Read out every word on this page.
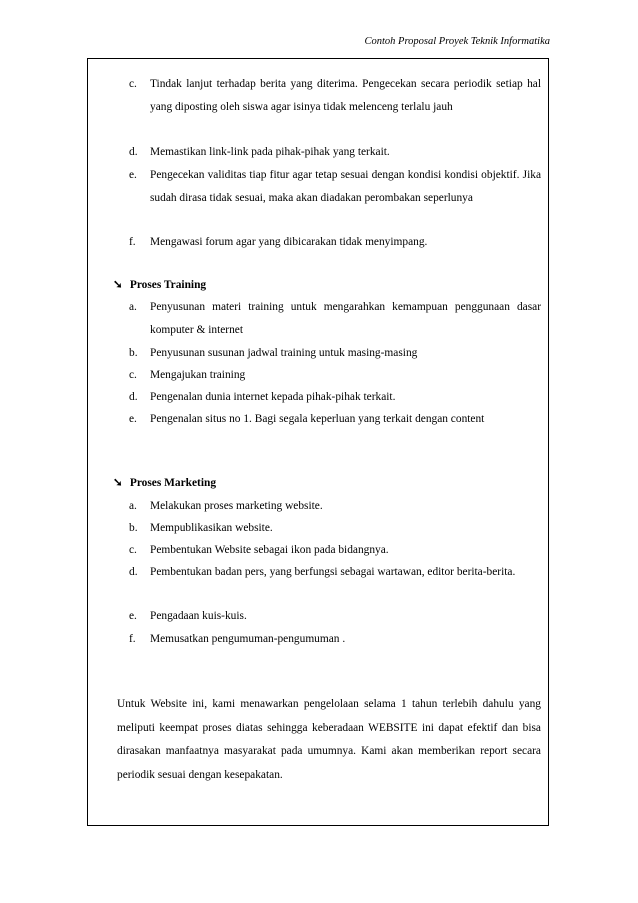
Contoh Proposal Proyek Teknik Informatika
c. Tindak lanjut terhadap berita yang diterima. Pengecekan secara periodik setiap hal yang diposting oleh siswa agar isinya tidak melenceng terlalu jauh
d. Memastikan link-link pada pihak-pihak yang terkait.
e. Pengecekan validitas tiap fitur agar tetap sesuai dengan kondisi kondisi objektif. Jika sudah dirasa tidak sesuai, maka akan diadakan perombakan seperlunya
f. Mengawasi forum agar yang dibicarakan tidak menyimpang.
➘ Proses Training
a. Penyusunan materi training untuk mengarahkan kemampuan penggunaan dasar komputer & internet
b. Penyusunan susunan jadwal training untuk masing-masing
c. Mengajukan training
d. Pengenalan dunia internet kepada pihak-pihak terkait.
e. Pengenalan situs no 1. Bagi segala keperluan yang terkait dengan content
➘ Proses Marketing
a. Melakukan proses marketing website.
b. Mempublikasikan website.
c. Pembentukan Website sebagai ikon pada bidangnya.
d. Pembentukan badan pers, yang berfungsi sebagai wartawan, editor berita-berita.
e. Pengadaan kuis-kuis.
f. Memusatkan pengumuman-pengumuman .
Untuk Website ini, kami menawarkan pengelolaan selama 1 tahun terlebih dahulu yang meliputi keempat proses diatas sehingga keberadaan WEBSITE ini dapat efektif dan bisa dirasakan manfaatnya masyarakat pada umumnya. Kami akan memberikan report secara periodik sesuai dengan kesepakatan.
